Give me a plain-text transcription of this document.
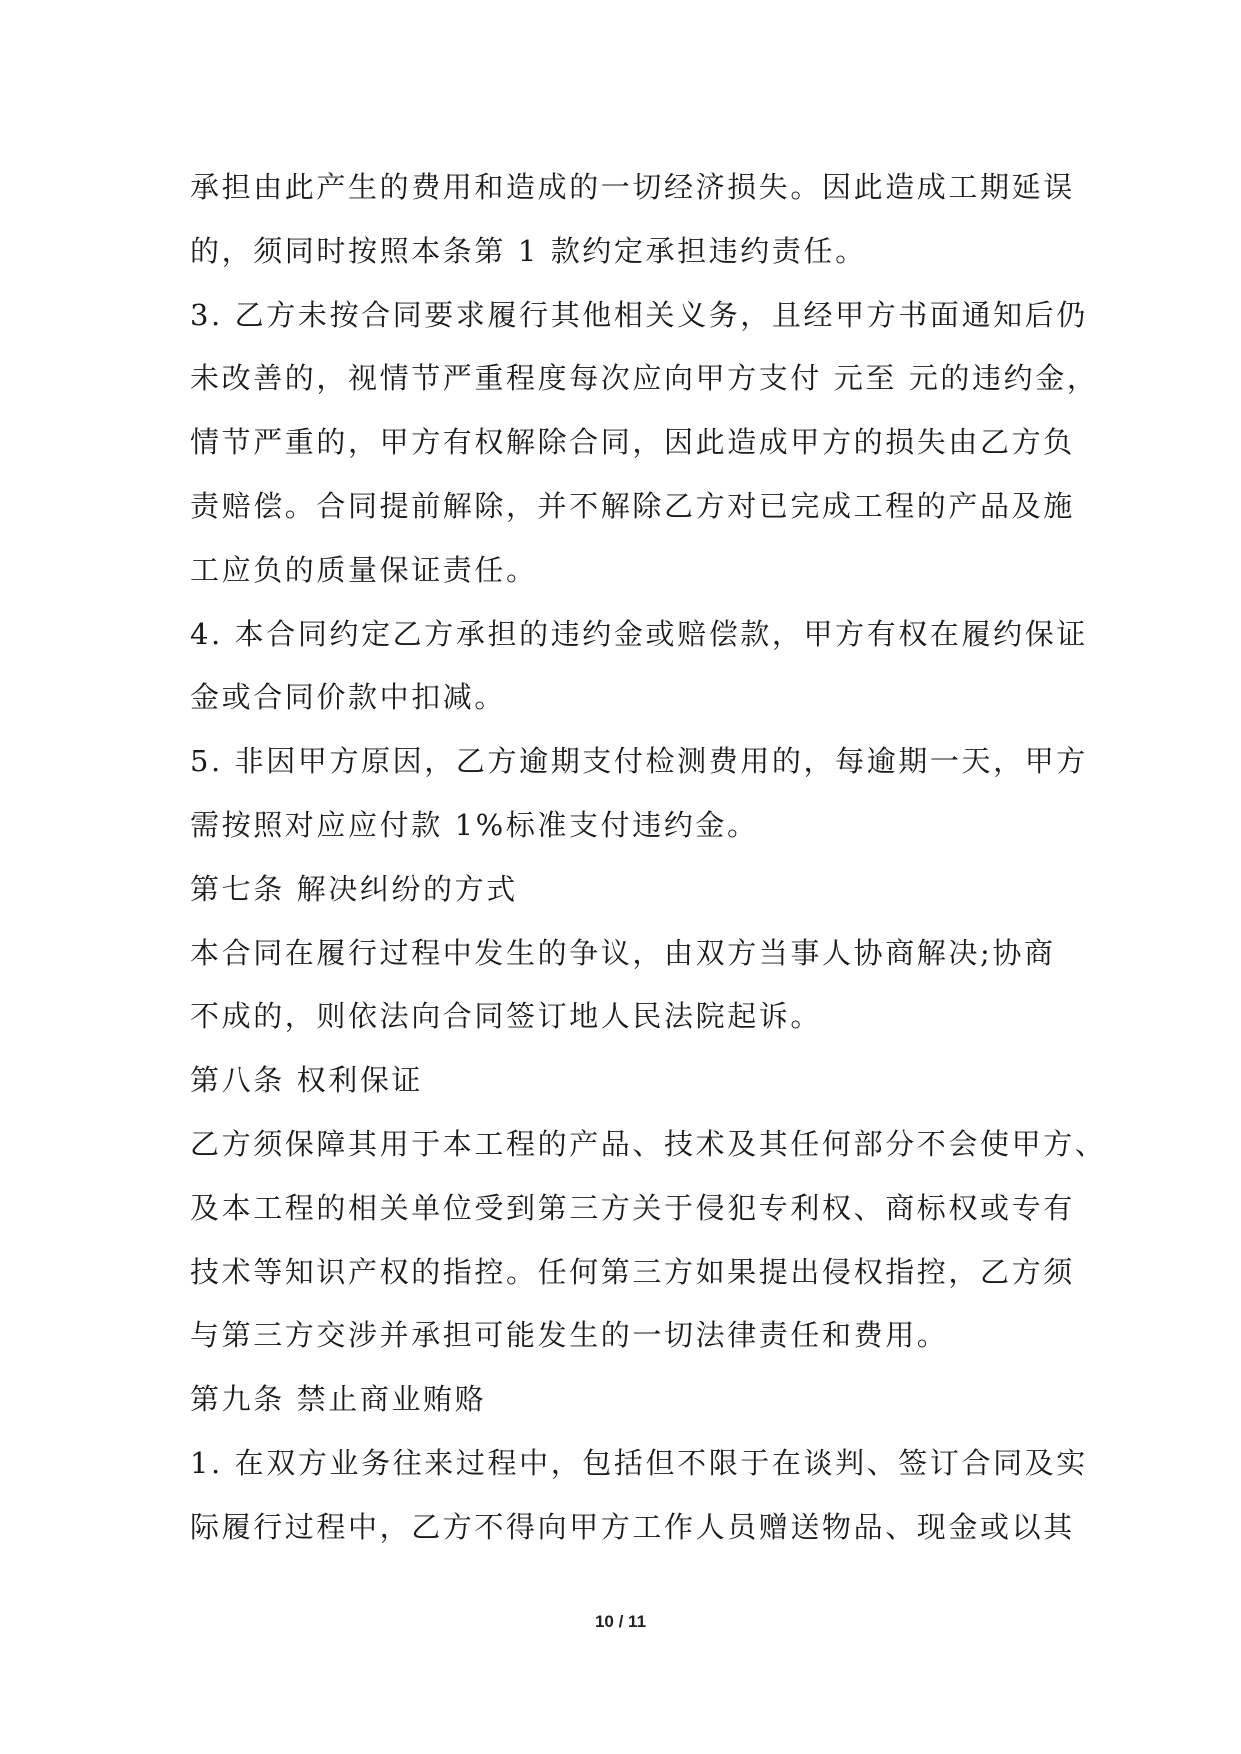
承担由此产生的费用和造成的一切经济损失。因此造成工期延误
的，须同时按照本条第 1 款约定承担违约责任。
3. 乙方未按合同要求履行其他相关义务，且经甲方书面通知后仍
未改善的，视情节严重程度每次应向甲方支付 元至 元的违约金，
情节严重的，甲方有权解除合同，因此造成甲方的损失由乙方负
责赔偿。合同提前解除，并不解除乙方对已完成工程的产品及施
工应负的质量保证责任。
4. 本合同约定乙方承担的违约金或赔偿款，甲方有权在履约保证
金或合同价款中扣减。
5. 非因甲方原因，乙方逾期支付检测费用的，每逾期一天，甲方
需按照对应应付款 1%标准支付违约金。
第七条 解决纠纷的方式
本合同在履行过程中发生的争议，由双方当事人协商解决;协商
不成的，则依法向合同签订地人民法院起诉。
第八条 权利保证
乙方须保障其用于本工程的产品、技术及其任何部分不会使甲方、
及本工程的相关单位受到第三方关于侵犯专利权、商标权或专有
技术等知识产权的指控。任何第三方如果提出侵权指控，乙方须
与第三方交涉并承担可能发生的一切法律责任和费用。
第九条 禁止商业贿赂
1. 在双方业务往来过程中，包括但不限于在谈判、签订合同及实
际履行过程中，乙方不得向甲方工作人员赠送物品、现金或以其
10 / 11
